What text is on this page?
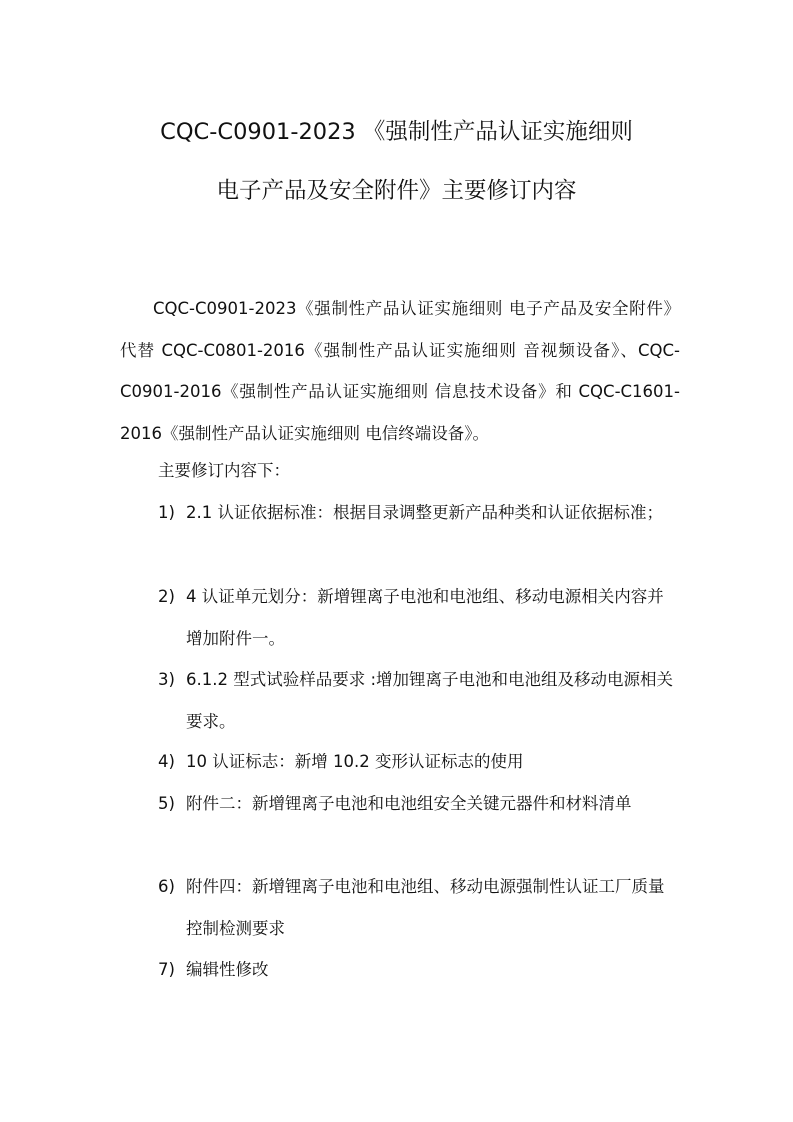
CQC-C0901-2023 《强制性产品认证实施细则
电子产品及安全附件》主要修订内容

CQC-C0901-2023《强制性产品认证实施细则 电子产品及安全附件》代替 CQC-C0801-2016《强制性产品认证实施细则 音视频设备》、CQC-C0901-2016《强制性产品认证实施细则 信息技术设备》和 CQC-C1601-2016《强制性产品认证实施细则 电信终端设备》。

主要修订内容下：

1) 2.1 认证依据标准：根据目录调整更新产品种类和认证依据标准；
2) 4 认证单元划分：新增锂离子电池和电池组、移动电源相关内容并增加附件一。
3) 6.1.2 型式试验样品要求 :增加锂离子电池和电池组及移动电源相关要求。
4) 10 认证标志：新增 10.2 变形认证标志的使用
5) 附件二：新增锂离子电池和电池组安全关键元器件和材料清单
6) 附件四：新增锂离子电池和电池组、移动电源强制性认证工厂质量控制检测要求
7) 编辑性修改
